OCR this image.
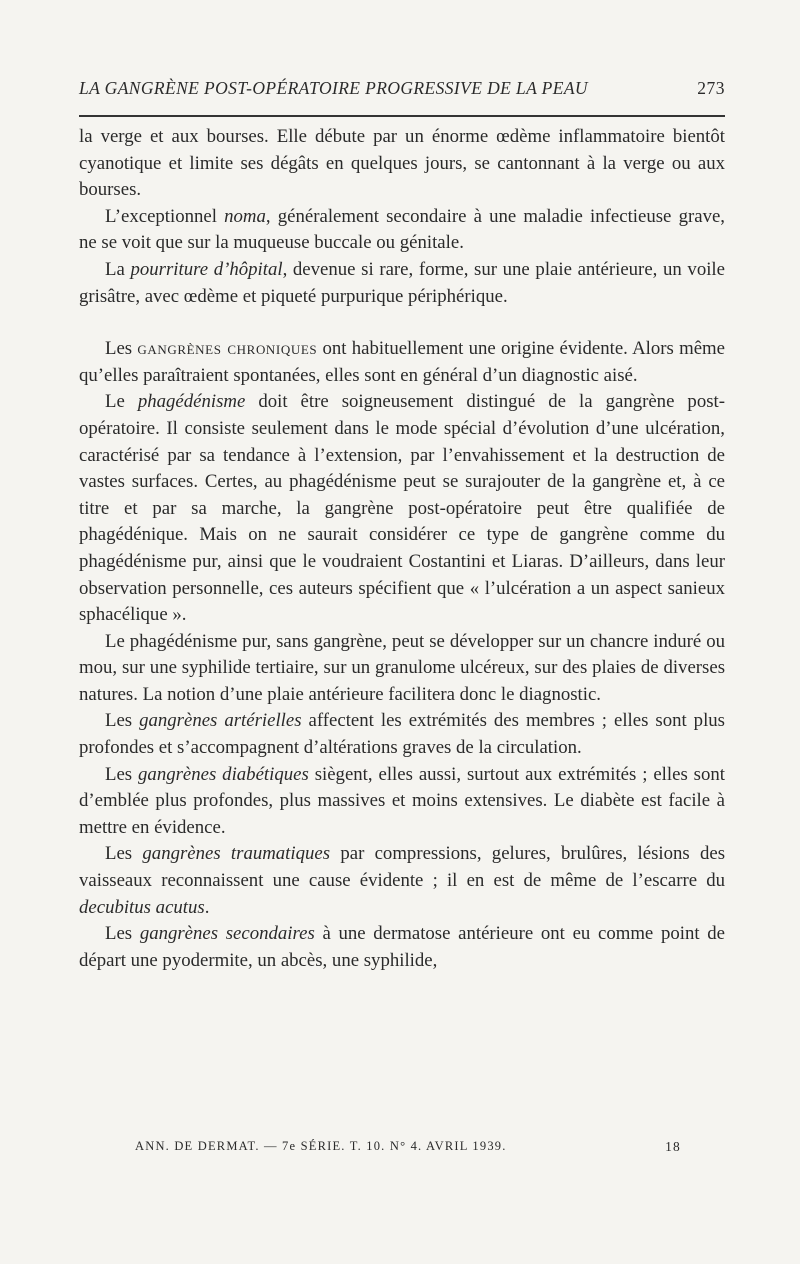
LA GANGRÈNE POST-OPÉRATOIRE PROGRESSIVE DE LA PEAU	273

la verge et aux bourses. Elle débute par un énorme œdème inflammatoire bientôt cyanotique et limite ses dégâts en quelques jours, se cantonnant à la verge ou aux bourses.

L’exceptionnel noma, généralement secondaire à une maladie infectieuse grave, ne se voit que sur la muqueuse buccale ou génitale.

La pourriture d’hôpital, devenue si rare, forme, sur une plaie antérieure, un voile grisâtre, avec œdème et piqueté purpurique périphérique.

Les gangrènes chroniques ont habituellement une origine évidente. Alors même qu’elles paraîtraient spontanées, elles sont en général d’un diagnostic aisé.

Le phagédénisme doit être soigneusement distingué de la gangrène post-opératoire. Il consiste seulement dans le mode spécial d’évolution d’une ulcération, caractérisé par sa tendance à l’extension, par l’envahissement et la destruction de vastes surfaces. Certes, au phagédénisme peut se surajouter de la gangrène et, à ce titre et par sa marche, la gangrène post-opératoire peut être qualifiée de phagédénique. Mais on ne saurait considérer ce type de gangrène comme du phagédénisme pur, ainsi que le voudraient Costantini et Liaras. D’ailleurs, dans leur observation personnelle, ces auteurs spécifient que « l’ulcération a un aspect sanieux sphacélique ».

Le phagédénisme pur, sans gangrène, peut se développer sur un chancre induré ou mou, sur une syphilide tertiaire, sur un granulome ulcéreux, sur des plaies de diverses natures. La notion d’une plaie antérieure facilitera donc le diagnostic.

Les gangrènes artérielles affectent les extrémités des membres ; elles sont plus profondes et s’accompagnent d’altérations graves de la circulation.

Les gangrènes diabétiques siègent, elles aussi, surtout aux extrémités ; elles sont d’emblée plus profondes, plus massives et moins extensives. Le diabète est facile à mettre en évidence.

Les gangrènes traumatiques par compressions, gelures, brulûres, lésions des vaisseaux reconnaissent une cause évidente ; il en est de même de l’escarre du decubitus acutus.

Les gangrènes secondaires à une dermatose antérieure ont eu comme point de départ une pyodermite, un abcès, une syphilide,

ANN. DE DERMAT. — 7e SÉRIE. T. 10. N° 4. AVRIL 1939.	18
